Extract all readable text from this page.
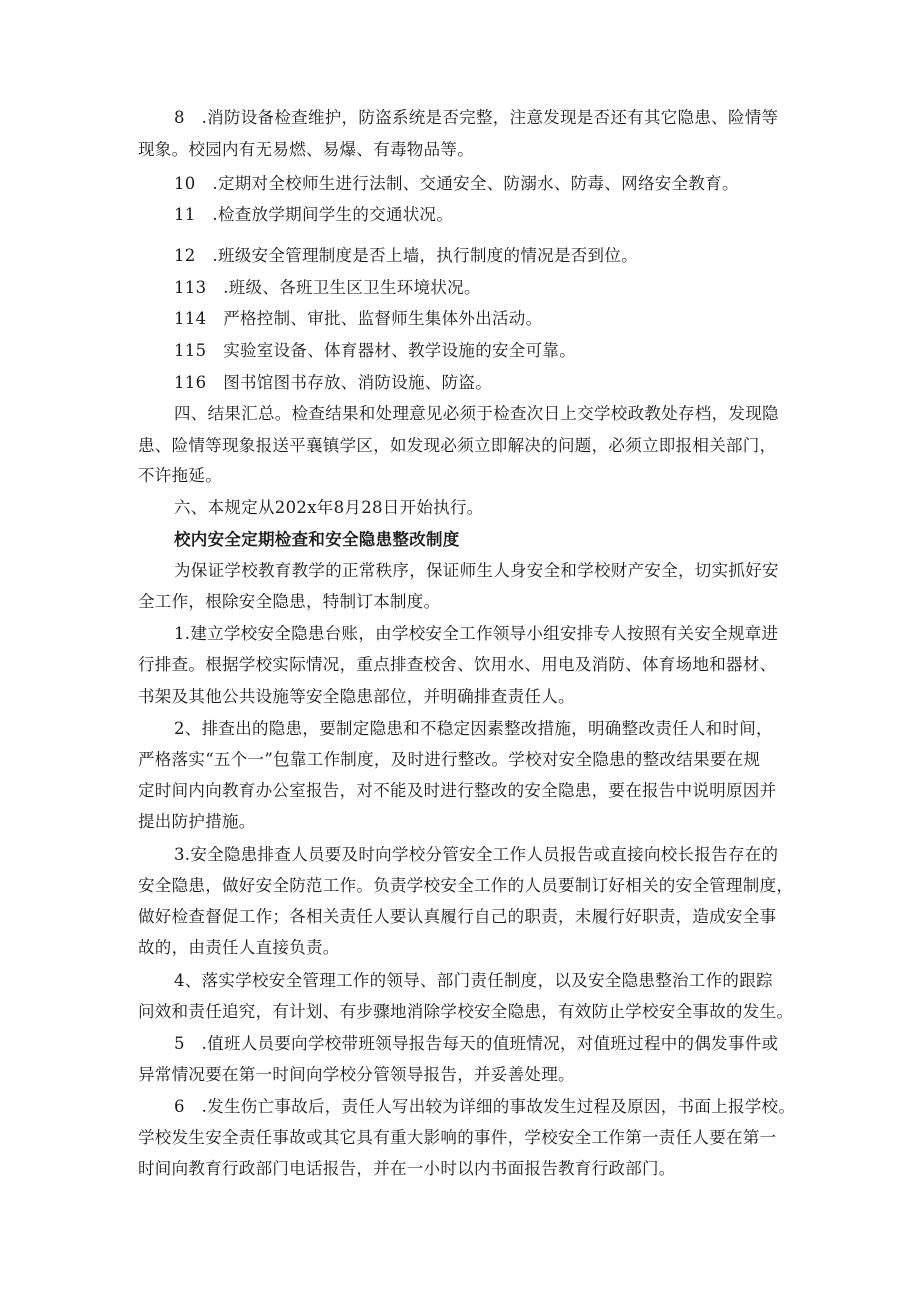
8　.消防设备检查维护，防盗系统是否完整，注意发现是否还有其它隐患、险情等
现象。校园内有无易燃、易爆、有毒物品等。
10　.定期对全校师生进行法制、交通安全、防溺水、防毒、网络安全教育。
11　.检查放学期间学生的交通状况。
12　.班级安全管理制度是否上墙，执行制度的情况是否到位。
113　.班级、各班卫生区卫生环境状况。
114　严格控制、审批、监督师生集体外出活动。
115　实验室设备、体育器材、教学设施的安全可靠。
116　图书馆图书存放、消防设施、防盗。
四、结果汇总。检查结果和处理意见必须于检查次日上交学校政教处存档，发现隐
患、险情等现象报送平襄镇学区，如发现必须立即解决的问题，必须立即报相关部门，
不许拖延。
六、本规定从202x年8月28日开始执行。
校内安全定期检查和安全隐患整改制度
为保证学校教育教学的正常秩序，保证师生人身安全和学校财产安全，切实抓好安
全工作，根除安全隐患，特制订本制度。
1.建立学校安全隐患台账，由学校安全工作领导小组安排专人按照有关安全规章进
行排查。根据学校实际情况，重点排查校舍、饮用水、用电及消防、体育场地和器材、
书架及其他公共设施等安全隐患部位，并明确排查责任人。
2、排查出的隐患，要制定隐患和不稳定因素整改措施，明确整改责任人和时间，
严格落实“五个一”包靠工作制度，及时进行整改。学校对安全隐患的整改结果要在规
定时间内向教育办公室报告，对不能及时进行整改的安全隐患，要在报告中说明原因并
提出防护措施。
3.安全隐患排查人员要及时向学校分管安全工作人员报告或直接向校长报告存在的
安全隐患，做好安全防范工作。负责学校安全工作的人员要制订好相关的安全管理制度，
做好检查督促工作；各相关责任人要认真履行自己的职责，未履行好职责，造成安全事
故的，由责任人直接负责。
4、落实学校安全管理工作的领导、部门责任制度，以及安全隐患整治工作的跟踪
问效和责任追究，有计划、有步骤地消除学校安全隐患，有效防止学校安全事故的发生。
5　.值班人员要向学校带班领导报告每天的值班情况，对值班过程中的偶发事件或
异常情况要在第一时间向学校分管领导报告，并妥善处理。
6　.发生伤亡事故后，责任人写出较为详细的事故发生过程及原因，书面上报学校。
学校发生安全责任事故或其它具有重大影响的事件，学校安全工作第一责任人要在第一
时间向教育行政部门电话报告，并在一小时以内书面报告教育行政部门。
